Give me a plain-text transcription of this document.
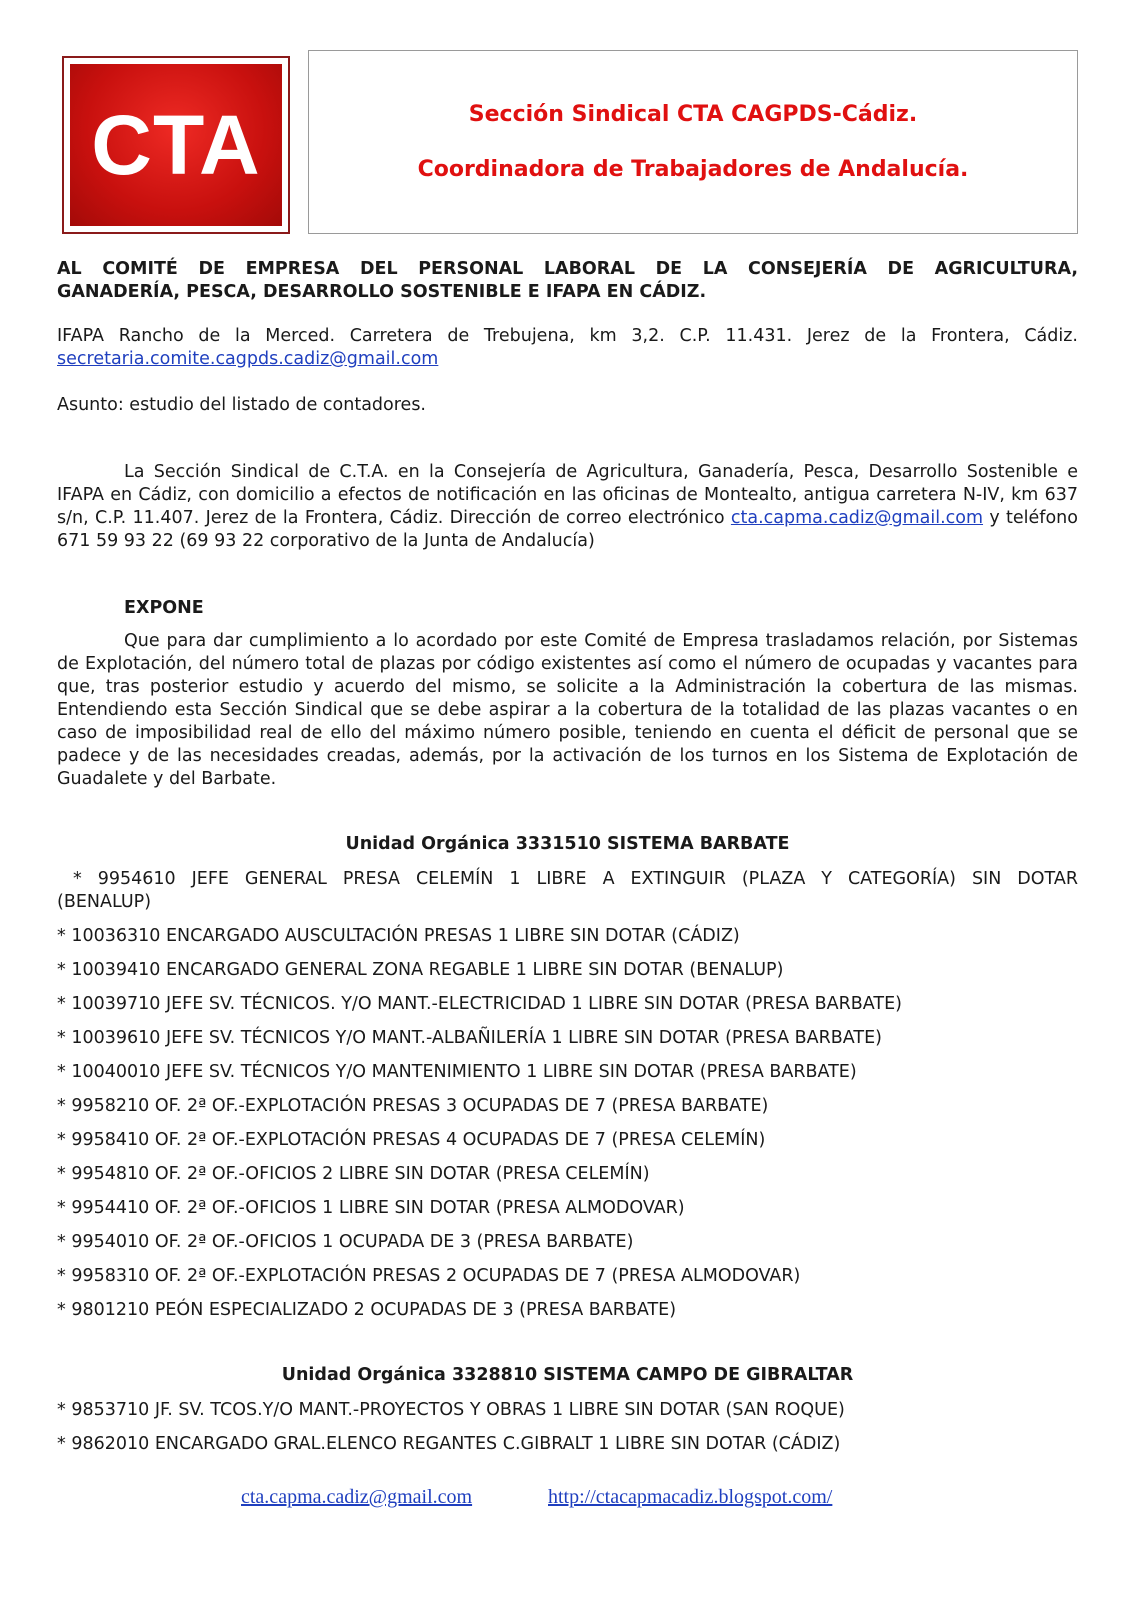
CTA	Sección Sindical CTA CAGPDS-Cádiz.
Coordinadora de Trabajadores de Andalucía.
AL COMITÉ DE EMPRESA DEL PERSONAL LABORAL DE LA CONSEJERÍA DE AGRICULTURA,
GANADERÍA, PESCA, DESARROLLO SOSTENIBLE E IFAPA EN CÁDIZ.
IFAPA Rancho de la Merced. Carretera de Trebujena, km 3,2. C.P. 11.431. Jerez de la Frontera, Cádiz.
secretaria.comite.cagpds.cadiz@gmail.com
Asunto: estudio del listado de contadores.
La Sección Sindical de C.T.A. en la Consejería de Agricultura, Ganadería, Pesca, Desarrollo Sostenible e IFAPA en Cádiz, con domicilio a efectos de notificación en las oficinas de Montealto, antigua carretera N-IV, km 637 s/n, C.P. 11.407. Jerez de la Frontera, Cádiz. Dirección de correo electrónico cta.capma.cadiz@gmail.com y teléfono 671 59 93 22 (69 93 22 corporativo de la Junta de Andalucía)
EXPONE
Que para dar cumplimiento a lo acordado por este Comité de Empresa trasladamos relación, por Sistemas de Explotación, del número total de plazas por código existentes así como el número de ocupadas y vacantes para que, tras posterior estudio y acuerdo del mismo, se solicite a la Administración la cobertura de las mismas. Entendiendo esta Sección Sindical que se debe aspirar a la cobertura de la totalidad de las plazas vacantes o en caso de imposibilidad real de ello del máximo número posible, teniendo en cuenta el déficit de personal que se padece y de las necesidades creadas, además, por la activación de los turnos en los Sistema de Explotación de Guadalete y del Barbate.
Unidad Orgánica 3331510 SISTEMA BARBATE
* 9954610 JEFE GENERAL PRESA CELEMÍN 1 LIBRE A EXTINGUIR (PLAZA Y CATEGORÍA) SIN DOTAR
(BENALUP)
* 10036310 ENCARGADO AUSCULTACIÓN PRESAS 1 LIBRE SIN DOTAR (CÁDIZ)
* 10039410 ENCARGADO GENERAL ZONA REGABLE 1 LIBRE SIN DOTAR (BENALUP)
* 10039710 JEFE SV. TÉCNICOS. Y/O MANT.-ELECTRICIDAD 1 LIBRE SIN DOTAR (PRESA BARBATE)
* 10039610 JEFE SV. TÉCNICOS Y/O MANT.-ALBAÑILERÍA 1 LIBRE SIN DOTAR (PRESA BARBATE)
* 10040010 JEFE SV. TÉCNICOS Y/O MANTENIMIENTO 1 LIBRE SIN DOTAR (PRESA BARBATE)
* 9958210 OF. 2ª OF.-EXPLOTACIÓN PRESAS 3 OCUPADAS DE 7 (PRESA BARBATE)
* 9958410 OF. 2ª OF.-EXPLOTACIÓN PRESAS 4 OCUPADAS DE 7 (PRESA CELEMÍN)
* 9954810 OF. 2ª OF.-OFICIOS 2 LIBRE SIN DOTAR (PRESA CELEMÍN)
* 9954410 OF. 2ª OF.-OFICIOS 1 LIBRE SIN DOTAR (PRESA ALMODOVAR)
* 9954010 OF. 2ª OF.-OFICIOS 1 OCUPADA DE 3 (PRESA BARBATE)
* 9958310 OF. 2ª OF.-EXPLOTACIÓN PRESAS 2 OCUPADAS DE 7 (PRESA ALMODOVAR)
* 9801210 PEÓN ESPECIALIZADO 2 OCUPADAS DE 3 (PRESA BARBATE)
Unidad Orgánica 3328810 SISTEMA CAMPO DE GIBRALTAR
* 9853710 JF. SV. TCOS.Y/O MANT.-PROYECTOS Y OBRAS 1 LIBRE SIN DOTAR (SAN ROQUE)
* 9862010 ENCARGADO GRAL.ELENCO REGANTES C.GIBRALT 1 LIBRE SIN DOTAR (CÁDIZ)
cta.capma.cadiz@gmail.com	http://ctacapmacadiz.blogspot.com/
